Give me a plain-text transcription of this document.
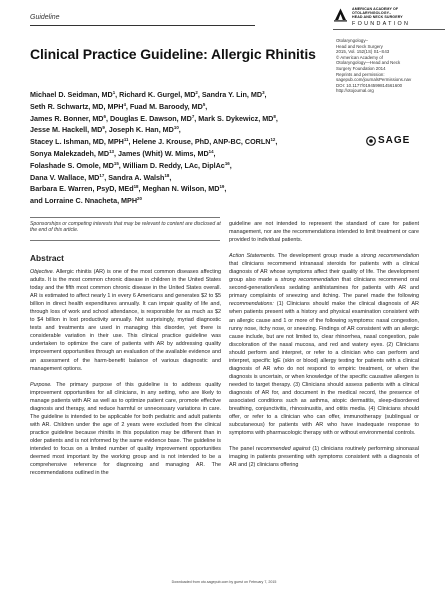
Guideline
AMERICAN ACADEMY OF
OTOLARYNGOLOGY–
HEAD AND NECK SURGERY
FOUNDATION
Otolaryngology–
Head and Neck Surgery
2015, Vol. 152(1S) S1–S43
© American Academy of
Otolaryngology—Head and Neck
Surgery Foundation 2014
Reprints and permission:
sagepub.com/journalsPermissions.nav
DOI: 10.1177/0194599814561600
http://otojournal.org
SAGE
Clinical Practice Guideline: Allergic Rhinitis
Michael D. Seidman, $MD^1$, Richard K. Gurgel, $MD^2$, Sandra Y. Lin, $MD^3$,
Seth R. Schwartz, MD, MPH$^4$, Fuad M. Baroody, $MD^5$,
James R. Bonner, $MD^6$, Douglas E. Dawson, $MD^7$, Mark S. Dykewicz, $MD^8$,
Jesse M. Hackell, $MD^9$, Joseph K. Han, MD$^{10}$,
Stacey L. Ishman, MD, MPH$^{11}$, Helene J. Krouse, PhD, ANP-BC, CORLN$^{12}$,
Sonya Malekzadeh, MD$^{13}$, James (Whit) W. Mims, MD$^{14}$,
Folashade S. Omole, MD$^{15}$, William D. Reddy, LAc, DiplAc$^{16}$,
Dana V. Wallace, MD$^{17}$, Sandra A. Walsh$^{18}$,
Barbara E. Warren, PsyD, MEd$^{18}$, Meghan N. Wilson, MD$^{19}$,
and Lorraine C. Nnacheta, MPH$^{20}$
Sponsorships or competing interests that may be relevant to content are disclosed at the end of this article.
Abstract

Objective. Allergic rhinitis (AR) is one of the most common diseases affecting adults. It is the most common chronic disease in children in the United States today and the fifth most common chronic disease in the United States overall. AR is estimated to affect nearly 1 in every 6 Americans and generates $2 to $5 billion in direct health expenditures annually. It can impair quality of life and, through loss of work and school attendance, is responsible for as much as $2 to $4 billion in lost productivity annually. Not surprisingly, myriad diagnostic tests and treatments are used in managing this disorder, yet there is considerable variation in their use. This clinical practice guideline was undertaken to optimize the care of patients with AR by addressing quality improvement opportunities through an evaluation of the available evidence and an assessment of the harm-benefit balance of various diagnostic and management options.

Purpose. The primary purpose of this guideline is to address quality improvement opportunities for all clinicians, in any setting, who are likely to manage patients with AR as well as to optimize patient care, promote effective diagnosis and therapy, and reduce harmful or unnecessary variations in care. The guideline is intended to be applicable for both pediatric and adult patients with AR. Children under the age of 2 years were excluded from the clinical practice guideline because rhinitis in this population may be different than in older patients and is not informed by the same evidence base. The guideline is intended to focus on a limited number of quality improvement opportunities deemed most important by the working group and is not intended to be a comprehensive reference for diagnosing and managing AR. The recommendations outlined in the

guideline are not intended to represent the standard of care for patient management, nor are the recommendations intended to limit treatment or care provided to individual patients.

Action Statements. The development group made a strong recommendation that clinicians recommend intranasal steroids for patients with a clinical diagnosis of AR whose symptoms affect their quality of life. The development group also made a strong recommendation that clinicians recommend oral second-generation/less sedating antihistamines for patients with AR and primary complaints of sneezing and itching. The panel made the following recommendations: (1) Clinicians should make the clinical diagnosis of AR when patients present with a history and physical examination consistent with an allergic cause and 1 or more of the following symptoms: nasal congestion, runny nose, itchy nose, or sneezing. Findings of AR consistent with an allergic cause include, but are not limited to, clear rhinorrhea, nasal congestion, pale discoloration of the nasal mucosa, and red and watery eyes. (2) Clinicians should perform and interpret, or refer to a clinician who can perform and interpret, specific IgE (skin or blood) allergy testing for patients with a clinical diagnosis of AR who do not respond to empiric treatment, or when the diagnosis is uncertain, or when knowledge of the specific causative allergen is needed to target therapy. (3) Clinicians should assess patients with a clinical diagnosis of AR for, and document in the medical record, the presence of associated conditions such as asthma, atopic dermatitis, sleep-disordered breathing, conjunctivitis, rhinosinusitis, and otitis media. (4) Clinicians should offer, or refer to a clinician who can offer, immunotherapy (sublingual or subcutaneous) for patients with AR who have inadequate response to symptoms with pharmacologic therapy with or without environmental controls.

The panel recommended against (1) clinicians routinely performing sinonasal imaging in patients presenting with symptoms consistent with a diagnosis of AR and (2) clinicians offering

Downloaded from oto.sagepub.com by guest on February 7, 2015
